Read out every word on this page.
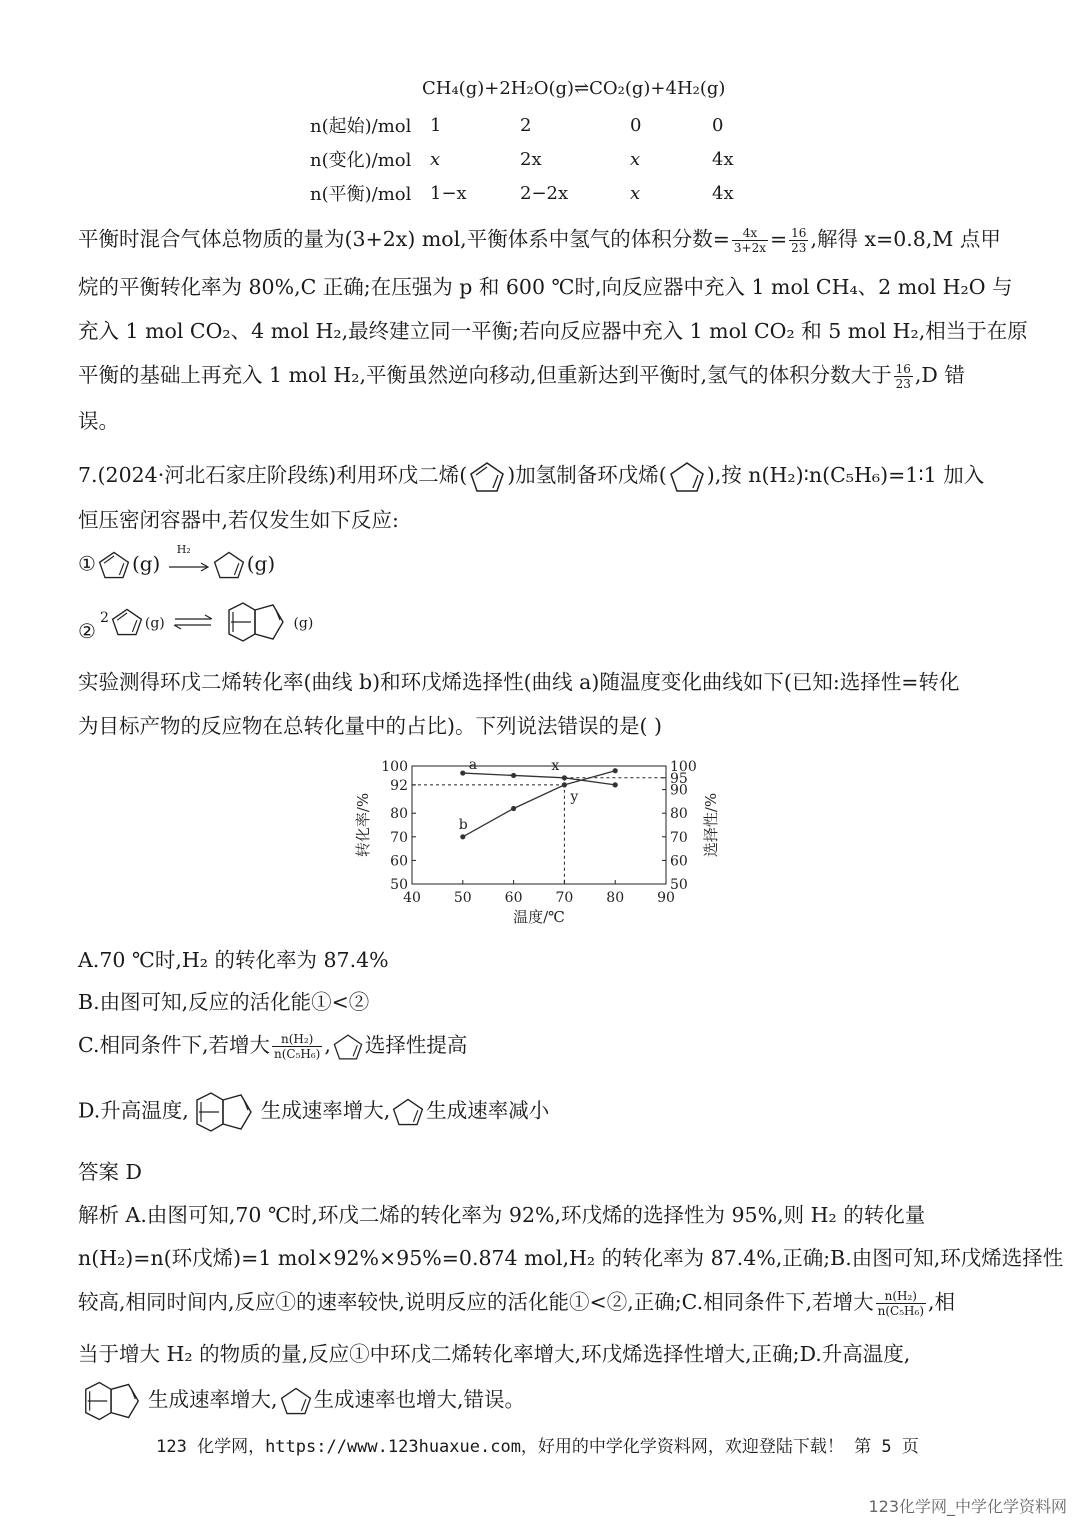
CH₄(g)+2H₂O(g)⇌CO₂(g)+4H₂(g)
n(起始)/mol	1	2	0	0
n(变化)/mol	x	2x	x	4x
n(平衡)/mol	1−x	2−2x	x	4x
平衡时混合气体总物质的量为(3+2x) mol,平衡体系中氢气的体积分数= $\frac{4x}{3+2x} = \frac{16}{23}$ ,解得 x=0.8,M 点甲
烷的平衡转化率为 80%,C 正确;在压强为 p 和 600 ℃时,向反应器中充入 1 mol CH₄、2 mol H₂O 与
充入 1 mol CO₂、4 mol H₂,最终建立同一平衡;若向反应器中充入 1 mol CO₂ 和 5 mol H₂,相当于在原
平衡的基础上再充入 1 mol H₂,平衡虽然逆向移动,但重新达到平衡时,氢气的体积分数大于 $\frac{16}{23} ,D$ 错
误。
7.(2024·河北石家庄阶段练)利用环戊二烯( )加氢制备环戊烯( ),按 n(H₂)∶n(C₅H₆)=1∶1 加入
恒压密闭容器中,若仅发生如下反应:
① (g)
H₂
(g)
②$^2$	(g) ⇌	(g)
实验测得环戊二烯转化率(曲线 b)和环戊烯选择性(曲线 a)随温度变化曲线如下(已知:选择性=转化
为目标产物的反应物在总转化量中的占比)。下列说法错误的是( )
40 50 60 70 80 90
50
60
70
80
92
100
50
60
70
80
90
95
100
a
b
x
y
温度/℃
转化率/%	选择性/%
A.70 ℃时,H₂ 的转化率为 87.4%
B.由图可知,反应的活化能①<②
C.相同条件下,若增大 $\frac{\text{n(H₂)}}{\text{n(C₅H₆)}}$ , 选择性提高
D.升高温度,	生成速率增大, 生成速率减小
答案 D
解析 A.由图可知,70 ℃时,环戊二烯的转化率为 92%,环戊烯的选择性为 95%,则 H₂ 的转化量
n(H₂)=n(环戊烯)=1 mol×92%×95%=0.874 mol,H₂ 的转化率为 87.4%,正确;B.由图可知,环戊烯选择性
较高,相同时间内,反应①的速率较快,说明反应的活化能①<②,正确;C.相同条件下,若增大 $\frac{\text{n(H₂)}}{\text{n(C₅H₆)}}$ ,相
当于增大 H₂ 的物质的量,反应①中环戊二烯转化率增大,环戊烯选择性增大,正确;D.升高温度,
生成速率增大, 生成速率也增大,错误。
123 化学网，https://www.123huaxue.com，好用的中学化学资料网，欢迎登陆下载！ 第 5 页
123化学网_中学化学资料网
